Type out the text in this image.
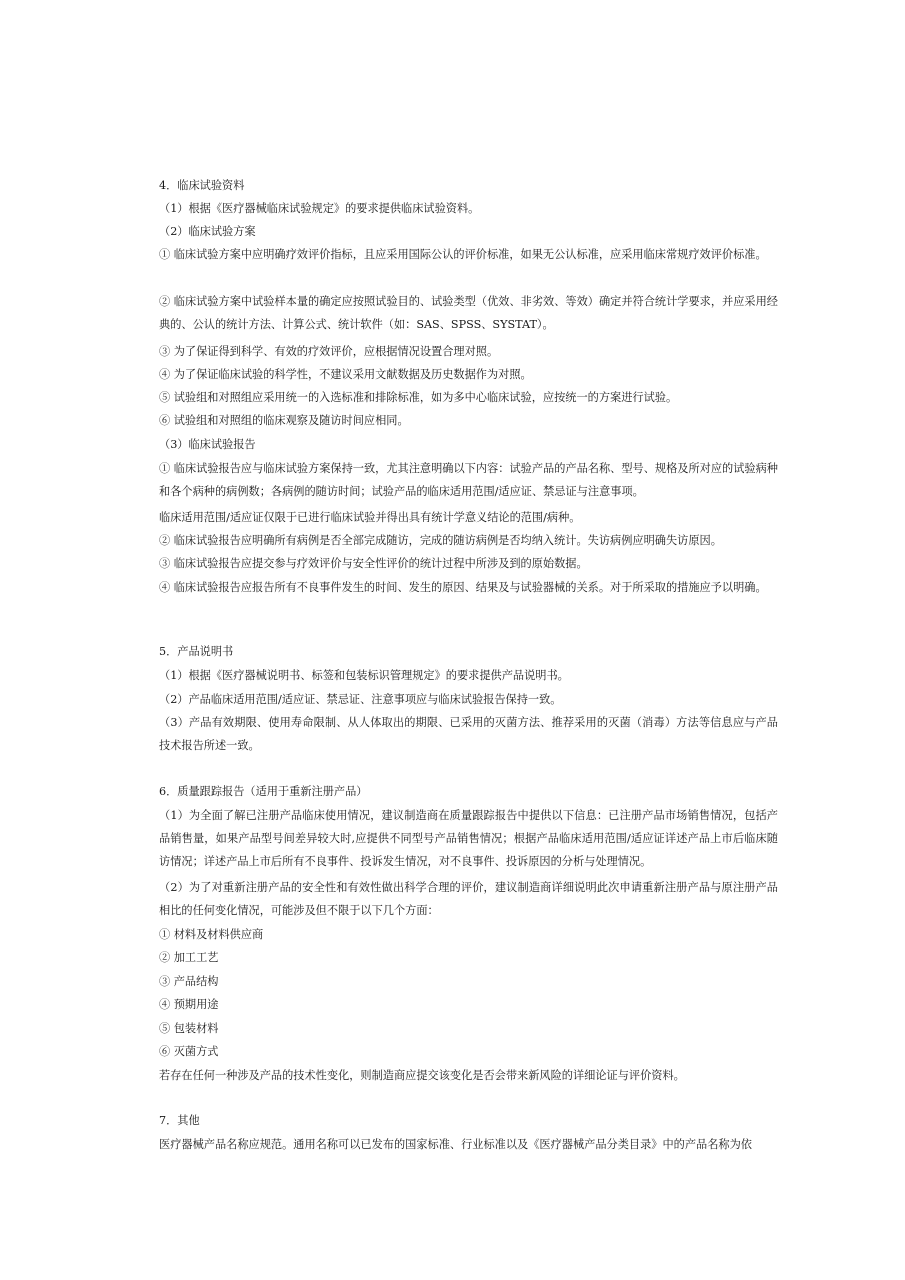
4．临床试验资料
（1）根据《医疗器械临床试验规定》的要求提供临床试验资料。
（2）临床试验方案
① 临床试验方案中应明确疗效评价指标，且应采用国际公认的评价标准，如果无公认标准，应采用临床常规疗效评价标准。
② 临床试验方案中试验样本量的确定应按照试验目的、试验类型（优效、非劣效、等效）确定并符合统计学要求，并应采用经典的、公认的统计方法、计算公式、统计软件（如：SAS、SPSS、SYSTAT）。
③ 为了保证得到科学、有效的疗效评价，应根据情况设置合理对照。
④ 为了保证临床试验的科学性，不建议采用文献数据及历史数据作为对照。
⑤ 试验组和对照组应采用统一的入选标准和排除标准，如为多中心临床试验，应按统一的方案进行试验。
⑥ 试验组和对照组的临床观察及随访时间应相同。
（3）临床试验报告
① 临床试验报告应与临床试验方案保持一致，尤其注意明确以下内容：试验产品的产品名称、型号、规格及所对应的试验病种和各个病种的病例数；各病例的随访时间；试验产品的临床适用范围/适应证、禁忌证与注意事项。
临床适用范围/适应证仅限于已进行临床试验并得出具有统计学意义结论的范围/病种。
② 临床试验报告应明确所有病例是否全部完成随访，完成的随访病例是否均纳入统计。失访病例应明确失访原因。
③ 临床试验报告应提交参与疗效评价与安全性评价的统计过程中所涉及到的原始数据。
④ 临床试验报告应报告所有不良事件发生的时间、发生的原因、结果及与试验器械的关系。对于所采取的措施应予以明确。
5．产品说明书
（1）根据《医疗器械说明书、标签和包装标识管理规定》的要求提供产品说明书。
（2）产品临床适用范围/适应证、禁忌证、注意事项应与临床试验报告保持一致。
（3）产品有效期限、使用寿命限制、从人体取出的期限、已采用的灭菌方法、推荐采用的灭菌（消毒）方法等信息应与产品技术报告所述一致。
6．质量跟踪报告（适用于重新注册产品）
（1）为全面了解已注册产品临床使用情况，建议制造商在质量跟踪报告中提供以下信息：已注册产品市场销售情况，包括产品销售量，如果产品型号间差异较大时,应提供不同型号产品销售情况；根据产品临床适用范围/适应证详述产品上市后临床随访情况；详述产品上市后所有不良事件、投诉发生情况，对不良事件、投诉原因的分析与处理情况。
（2）为了对重新注册产品的安全性和有效性做出科学合理的评价，建议制造商详细说明此次申请重新注册产品与原注册产品相比的任何变化情况，可能涉及但不限于以下几个方面：
① 材料及材料供应商
② 加工工艺
③ 产品结构
④ 预期用途
⑤ 包装材料
⑥ 灭菌方式
若存在任何一种涉及产品的技术性变化，则制造商应提交该变化是否会带来新风险的详细论证与评价资料。
7．其他
医疗器械产品名称应规范。通用名称可以已发布的国家标准、行业标准以及《医疗器械产品分类目录》中的产品名称为依
